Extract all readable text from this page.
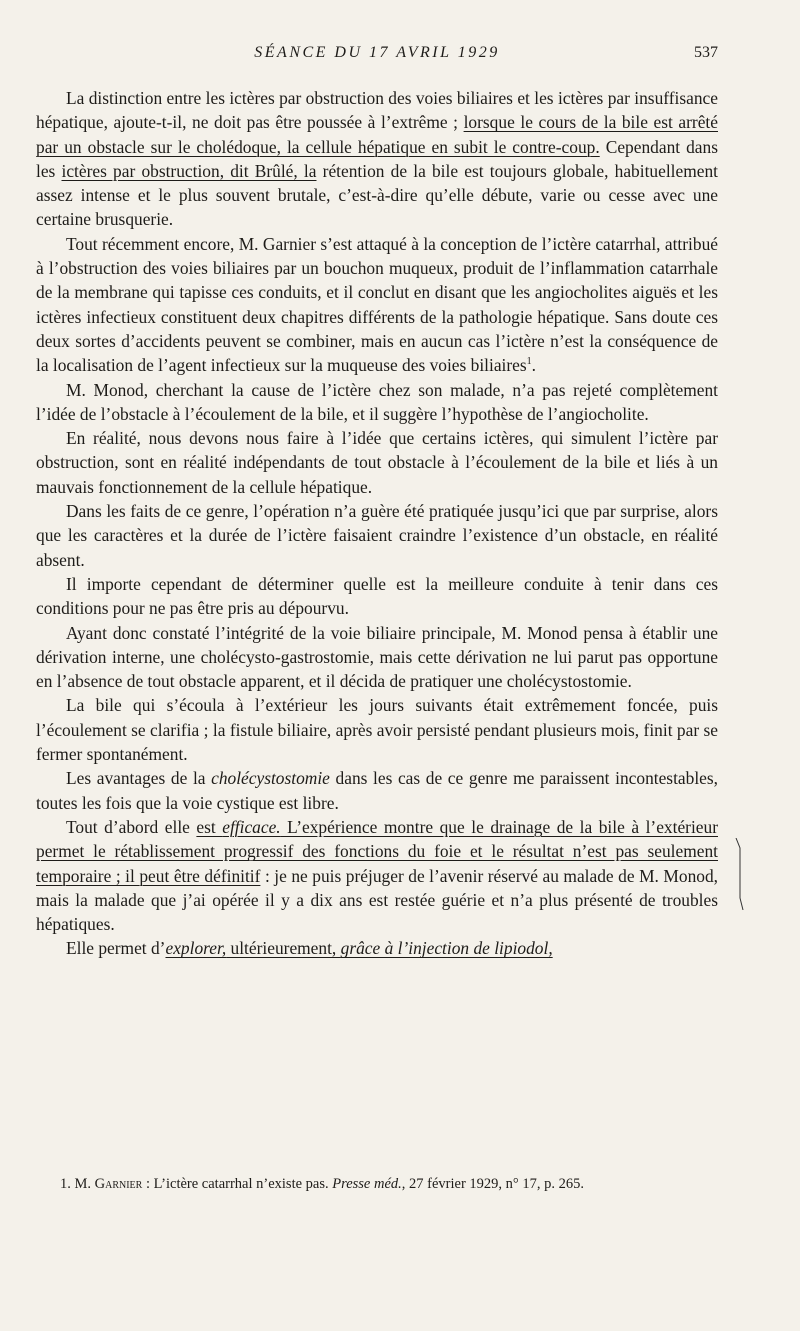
SÉANCE DU 17 AVRIL 1929	537

La distinction entre les ictères par obstruction des voies biliaires et les ictères par insuffisance hépatique, ajoute-t-il, ne doit pas être poussée à l’extrême ; lorsque le cours de la bile est arrêté par un obstacle sur le cholédoque, la cellule hépatique en subit le contre-coup. Cependant dans les ictères par obstruction, dit Brûlé, la rétention de la bile est toujours globale, habituellement assez intense et le plus souvent brutale, c’est-à-dire qu’elle débute, varie ou cesse avec une certaine brusquerie.

Tout récemment encore, M. Garnier s’est attaqué à la conception de l’ictère catarrhal, attribué à l’obstruction des voies biliaires par un bouchon muqueux, produit de l’inflammation catarrhale de la membrane qui tapisse ces conduits, et il conclut en disant que les angiocholites aiguës et les ictères infectieux constituent deux chapitres différents de la pathologie hépatique. Sans doute ces deux sortes d’accidents peuvent se combiner, mais en aucun cas l’ictère n’est la conséquence de la localisation de l’agent infectieux sur la muqueuse des voies biliaires$^1$.

M. Monod, cherchant la cause de l’ictère chez son malade, n’a pas rejeté complètement l’idée de l’obstacle à l’écoulement de la bile, et il suggère l’hypothèse de l’angiocholite.

En réalité, nous devons nous faire à l’idée que certains ictères, qui simulent l’ictère par obstruction, sont en réalité indépendants de tout obstacle à l’écoulement de la bile et liés à un mauvais fonctionnement de la cellule hépatique.

Dans les faits de ce genre, l’opération n’a guère été pratiquée jusqu’ici que par surprise, alors que les caractères et la durée de l’ictère faisaient craindre l’existence d’un obstacle, en réalité absent.

Il importe cependant de déterminer quelle est la meilleure conduite à tenir dans ces conditions pour ne pas être pris au dépourvu.

Ayant donc constaté l’intégrité de la voie biliaire principale, M. Monod pensa à établir une dérivation interne, une cholécysto-gastrostomie, mais cette dérivation ne lui parut pas opportune en l’absence de tout obstacle apparent, et il décida de pratiquer une cholécystostomie.

La bile qui s’écoula à l’extérieur les jours suivants était extrêmement foncée, puis l’écoulement se clarifia ; la fistule biliaire, après avoir persisté pendant plusieurs mois, finit par se fermer spontanément.

Les avantages de la cholécystostomie dans les cas de ce genre me paraissent incontestables, toutes les fois que la voie cystique est libre.

Tout d’abord elle est efficace. L’expérience montre que le drainage de la bile à l’extérieur permet le rétablissement progressif des fonctions du foie et le résultat n’est pas seulement temporaire ; il peut être définitif : je ne puis préjuger de l’avenir réservé au malade de M. Monod, mais la malade que j’ai opérée il y a dix ans est restée guérie et n’a plus présenté de troubles hépatiques.

Elle permet d’explorer, ultérieurement, grâce à l’injection de lipiodol,

1. M. Garnier : L’ictère catarrhal n’existe pas. Presse méd., 27 février 1929, n° 17, p. 265.
